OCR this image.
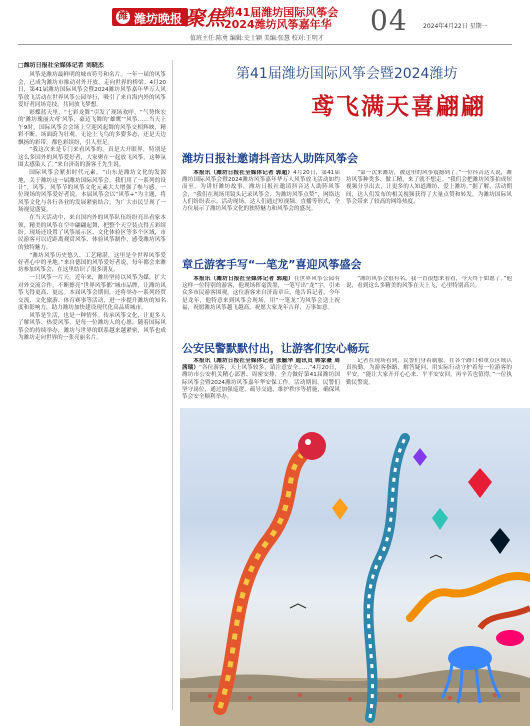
潍 潍坊晚报 聚焦 第41届潍坊国际风筝会
2024潍坊风筝嘉年华 04	2024年4月22日 星期一
值班主任:陈勇 编辑:史士颖 美编:张慧 校对:王明才
□潍坊日报社全媒体记者 刘晓杰

风筝是潍坊最鲜明的城市符号和名片。一年一届的风筝会，已成为潍坊市推动对外开放、走向世界的桥梁。4月20日，第41届潍坊国际风筝会暨2024潍坊风筝嘉年华万人风筝放飞活动在世界风筝公园举行，吸引了来自海内外的风筝爱好者同场竞技，共同放飞梦想。

彩蝶蓝天里，“七彩龙舞”引发了现场欢呼，“气势恢宏的‘潍坊瑰丽大鸢’风筝，豪迈飞舞的‘雄鹰’”风筝……当天上午9时，国际风筝会会场上空迎风起舞的风筝交相辉映，精彩不断，场面蔚为壮观。无论上飞鸟的多姿多态，还是天边飘扬的彩带，都色彩缤纷，引人驻足。

“我这次来是专门来看风筝的，真是大开眼界，特别是这么多国外的风筝爱好者，大家聚在一起放飞风筝，这种氛围太感染人了。”来自济南的游客王先生说。

国际风筝会紧扣时代元素，“山东是潍坊文化的发源地，关于潍坊这一届潍坊国际风筝会，我们用了一系列的设计”，风筝、风筝节的风筝文化元素大大增强了参与感。一位现场的风筝爱好者说。本届风筝会以“风筝+”为主题，将风筝文化与各行各业的发展紧密结合，为广大市民呈现了一场视觉盛宴。

在当天活动中，来自国内外的风筝队伍纷纷亮出看家本领，精美的风筝在空中翩翩起舞，把整个天空装点得五彩缤纷。现场还设置了风筝展示区、文化体验区等多个区域，市民游客可以近距离观赏风筝、体验风筝制作，感受潍坊风筝的独特魅力。

“潍坊风筝历史悠久、工艺精湛，这里是全世界风筝爱好者心中的圣地。”来自德国的风筝爱好者说，每年都会来潍坊参加风筝会，在这里结识了很多朋友。

一只风筝一片天。近年来，潍坊坚持以风筝为媒，扩大对外交流合作，不断擦亮“世界风筝都”城市品牌，让潍坊风筝飞得更高、更远。本届风筝会期间，还将举办一系列经贸交流、文化旅游、体育赛事等活动，进一步提升潍坊的知名度和影响力，助力潍坊加快建设现代化高品质城市。

风筝是生活，也是一种情怀。传承风筝文化，让更多人了解风筝、热爱风筝，是每一位潍坊人的心愿。随着国际风筝会的持续举办，潍坊与世界的联系越来越紧密，风筝也成为潍坊走向世界的一张亮丽名片。

第41届潍坊国际风筝会暨2024潍坊
鸢飞满天喜翩翩
潍坊日报社邀请抖音达人助阵风筝会

本报讯（潍坊日报社全媒体记者 郭超）4月20日，第41届潍坊国际风筝会暨2024潍坊风筝嘉年华万人风筝放飞活动如约而至。为讲好潍坊故事，潍坊日报社邀请抖音达人助阵风筝会，“我们在现场用镜头记录风筝会，为潍坊风筝点赞”，网络达人们纷纷表示。活动现场，达人们通过短视频、直播等形式，全方位展示了潍坊风筝文化的独特魅力和风筝会的盛况。

“第一次来潍坊，被这里的风筝震撼到了。”一位抖音达人说，潍坊风筝种类多、做工精，来了就不想走。“我们会把潍坊风筝拍成短视频分享出去，让更多的人知道潍坊、爱上潍坊。”据了解，活动期间，达人们发布的相关视频获得了大量点赞和转发，为潍坊国际风筝会带来了较高的网络热度。

章丘游客手写“一笔龙”喜迎风筝盛会

本报讯（潍坊日报社全媒体记者 郭超）在世界风筝公园有这样一位特别的游客，他现场挥毫泼墨，一笔写出“龙”字，引来众多市民游客围观。这位游客来自济南章丘，他告诉记者，今年是龙年，他特意来到风筝会现场，用“一笔龙”为风筝会送上祝福，祝愿潍坊风筝越飞越高，祝愿大家龙年吉祥、万事如意。

“潍坊风筝会很有名，我一直很想来看看，今天终于如愿了。”他说，看到这么多精美的风筝在天上飞，心里特别高兴。

公安民警默默付出，让游客们安心畅玩

本报讯（潍坊日报社全媒体记者 张毓华 通讯员 韩家豪 周茜瑞）“各位游客，天上风筝较多，请注意安全……”4月20日，潍坊市公安机关精心部署、周密安排，全力做好第41届潍坊国际风筝会暨2024潍坊风筝嘉年华安保工作。活动期间，民警们坚守岗位，通过加强巡逻、疏导交通、维护秩序等措施，确保风筝会安全顺利举办。

记者在现场看到，民警们身着制服，在各个路口和重点区域认真执勤，为游客指路、解答疑问，用实际行动守护着每一位游客的平安。“能让大家开开心心来、平平安安回，再辛苦也值得。”一位执勤民警说。
